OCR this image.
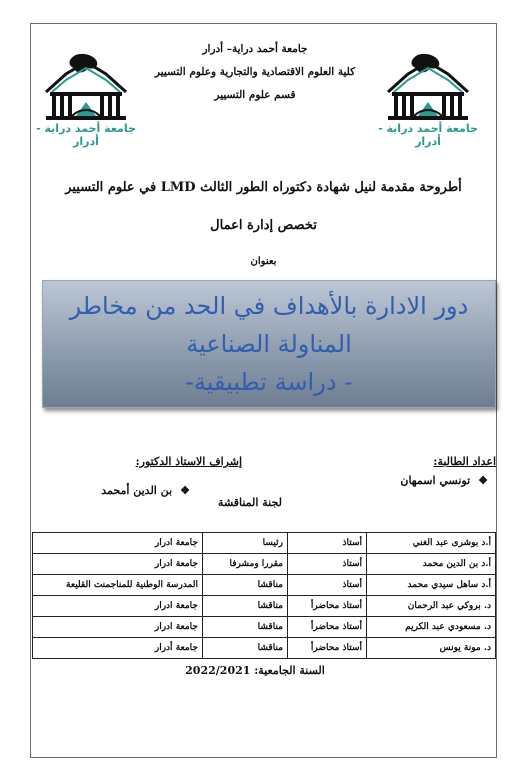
جامعة أحمد دراية - أدرار
جامعة أحمد دراية - أدرار
جامعة أحمد دراية– أدرار
كلية العلوم الاقتصادية والتجارية وعلوم التسيير
قسم علوم التسيير
أطروحة مقدمة لنيل شهادة دكتوراه الطور الثالث LMD في علوم التسيير
تخصص إدارة اعمال
بعنوان
دور الادارة بالأهداف في الحد من مخاطر
المناولة الصناعية
- دراسة تطبيقية-
اعداد الطالبة:
إشراف الاستاذ الدكتور:
❖تونسي اسمهان
❖بن الدين أمحمد
لجنة المناقشة
أ.د بوشرى عبد الغني	أستاذ	رئيسا	جامعة ادرار
أ.د بن الدين محمد	أستاذ	مقررا ومشرفا	جامعة ادرار
أ.د ساهل سيدي محمد	أستاذ	مناقشا	المدرسة الوطنية للمناجمنت القليعة
د. بروكي عبد الرحمان	أستاذ محاضرأ	مناقشا	جامعة ادرار
د. مسعودي عبد الكريم	أستاذ محاضرأ	مناقشا	جامعة ادرار
د. مونة يونس	أستاذ محاضرأ	مناقشا	جامعة أدرار
السنة الجامعية: 2022/2021
